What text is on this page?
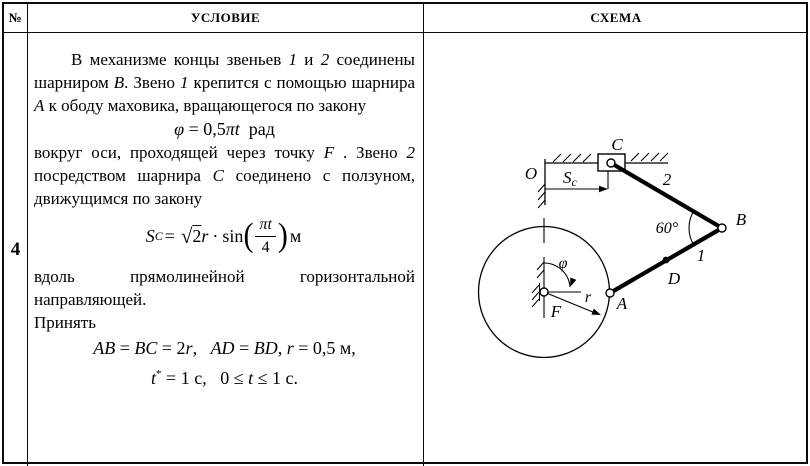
№	УСЛОВИЕ	СХЕМА
4

В механизме концы звеньев 1 и 2 соединены шарниром B. Звено 1 крепится с помощью шарнира A к ободу маховика, вращающегося по закону

φ = 0,5πt рад

вокруг оси, проходящей через точку F . Звено 2 посредством шарнира C соединено с ползуном, движущимся по закону

S C = √ 2 r · sin ( $\frac{\pi t}{4}$ ) м

вдоль прямолинейной горизонтальной направляющей.

Принять

AB = BC = 2r,  AD = BD, r = 0,5 м,
t* = 1 с,  0 ≤ t ≤ 1 с.
O Sc
C
2
B
60°
1
D
A
r
φ
F
